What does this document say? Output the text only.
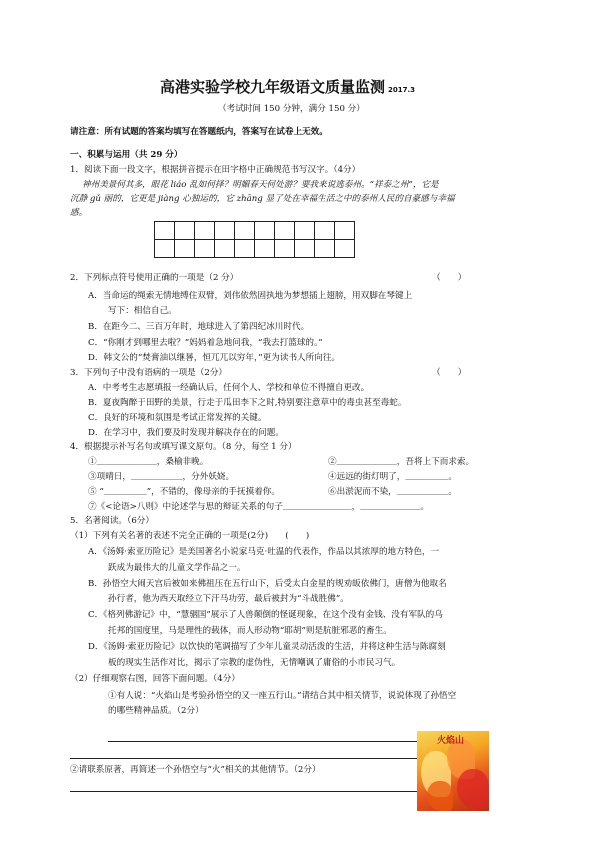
高港实验学校九年级语文质量监测 2017.3
（考试时间 150 分钟，满分 150 分）
请注意：所有试题的答案均填写在答题纸内，答案写在试卷上无效。
一、积累与运用（共 29 分）
1．阅读下面一段文字，根据拼音提示在田字格中正确规范书写汉字。（4分）
神州美景何其多，眼花 liáo 乱如何择？明媚春天何处游？要我来说逃泰州。“祥泰之州”，它是
沉静 gǔ 丽的，它更是 jiàng 心独运的，它 zhāng 显了处在幸福生活之中的泰州人民的自豪感与幸福
感。

2．下列标点符号使用正确的一项是（2 分）	（　　）
A．当命运的绳索无情地缚住双臂，刘伟依然固执地为梦想插上翅膀，用双脚在琴键上
写下：相信自己。
B．在距今二、三百万年时，地球进入了第四纪冰川时代。
C．“你刚才到哪里去啦？”妈妈着急地问我，“我去打篮球的。”
D．韩文公的“焚膏油以继晷，恒兀兀以穷年，”更为读书人所向往。
3．下列句子中没有语病的一项是（2分）	（　　）
A．中考考生志愿填报一经确认后，任何个人、学校和单位不得擅自更改。
B．夏夜陶醉于田野的美景，行走于瓜田李下之时,特别要注意草中的毒虫甚至毒蛇。
C．良好的环境和氛围是考试正常发挥的关键。
D．在学习中，我们要及时发现并解决存在的问题。
4．根据提示补写名句或填写课文原句。（8 分，每空 1 分）
①＿＿＿＿＿＿＿，桑榆非晚。	②＿＿＿＿＿＿＿，吾将上下而求索。
③项晴日，＿＿＿＿＿＿，分外妖娆。	④远远的街灯明了，＿＿＿＿＿。
⑤ “＿＿＿＿＿”，不错的，像母亲的手抚摸着你。	⑥出淤泥而不染，＿＿＿＿＿＿。
⑦《<论语>八则》中论述学与思的辩证关系的句子＿＿＿＿＿＿＿＿，＿＿＿＿＿＿＿。
5．名著阅读。（6分）
（1）下列有关名著的表述不完全正确的一项是(2分)　　(　　)
A．《汤姆·索亚历险记》是美国著名小说家马克·吐温的代表作，作品以其浓厚的地方特色，一
跃成为最伟大的儿童文学作品之一。
B．孙悟空大闹天宫后被如来佛祖压在五行山下，后受太白金星的规劝皈依佛门，唐僧为他取名
孙行者，他为西天取经立下汗马功劳，最后被封为“斗战胜佛”。
C．《格列佛游记》中，“慧骃国”展示了人兽颠倒的怪诞现象，在这个没有金钱、没有军队的乌
托邦的国度里，马是理性的载体，而人形动物“耶胡”则是肮脏邪恶的畜生。
D．《汤姆·索亚历险记》以饮快的笔调描写了少年儿童灵动活泼的生活，并将这种生活与陈腐刻
板的现实生活作对比，揭示了宗教的虚伪性，无情嘲讽了庸俗的小市民习气。
（2）仔细观察右图，回答下面问题。（4分）
①有人说：“火焰山是考验孙悟空的又一座五行山。”请结合其中相关情节，说说体现了孙悟空
的哪些精神品质。（2分）
②请联系原著，再简述一个孙悟空与“火”相关的其他情节。（2分）
火焰山
